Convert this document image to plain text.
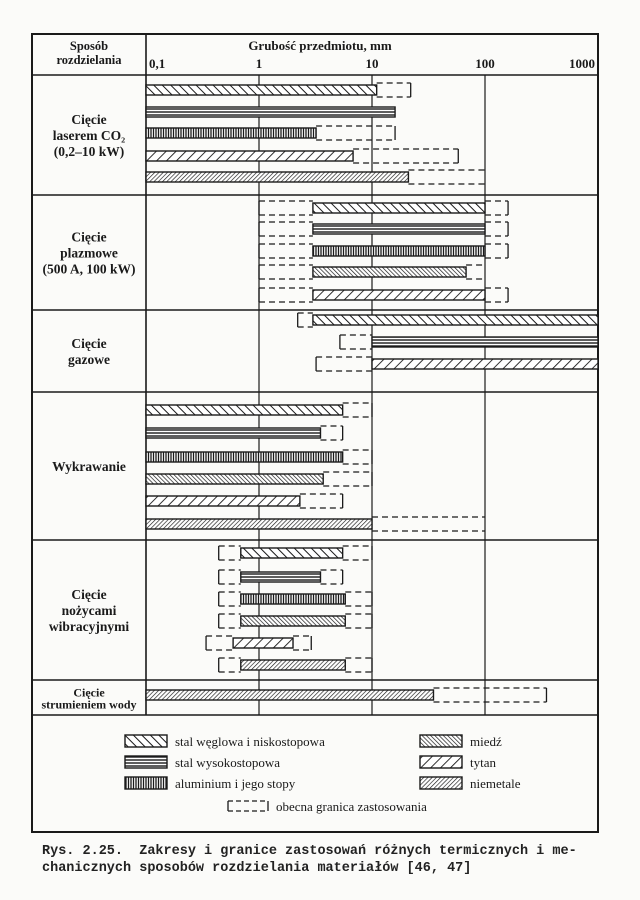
Sposób
rozdzielania
Grubość przedmiotu, mm
0,1	1	10	100	1000
Cięcie
laserem CO₂
(0,2–10 kW)
Cięcie
plazmowe
(500 A, 100 kW)
Cięcie
gazowe
Wykrawanie
Cięcie
nożycami
wibracyjnymi
Cięcie
strumieniem wody
stal węglowa i niskostopowa
stal wysokostopowa
aluminium i jego stopy
miedź
tytan
niemetale
obecna granica zastosowania
Rys. 2.25.  Zakresy i granice zastosowań różnych termicznych i me-
chanicznych sposobów rozdzielania materiałów [46, 47]
